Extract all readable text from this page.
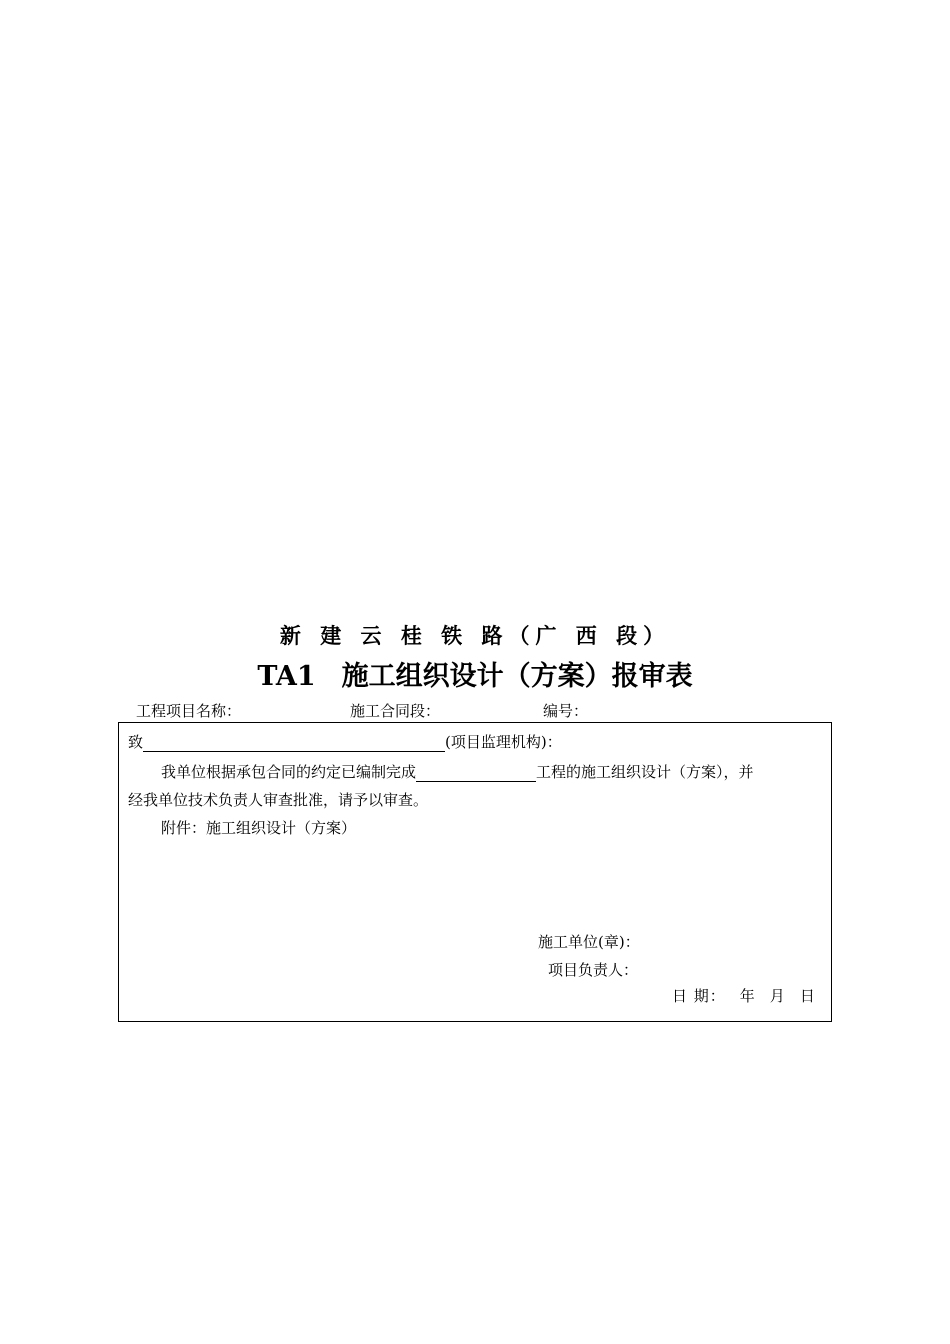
新 建 云 桂 铁 路（广 西 段）
TA1 施工组织设计（方案）报审表
工程项目名称：	施工合同段：	编号：
致	(项目监理机构)：
我单位根据承包合同的约定已编制完成	工程的施工组织设计（方案），并
经我单位技术负责人审查批准，请予以审查。
附件：施工组织设计（方案）
施工单位(章)：
项目负责人：
日 期： 年 月 日
